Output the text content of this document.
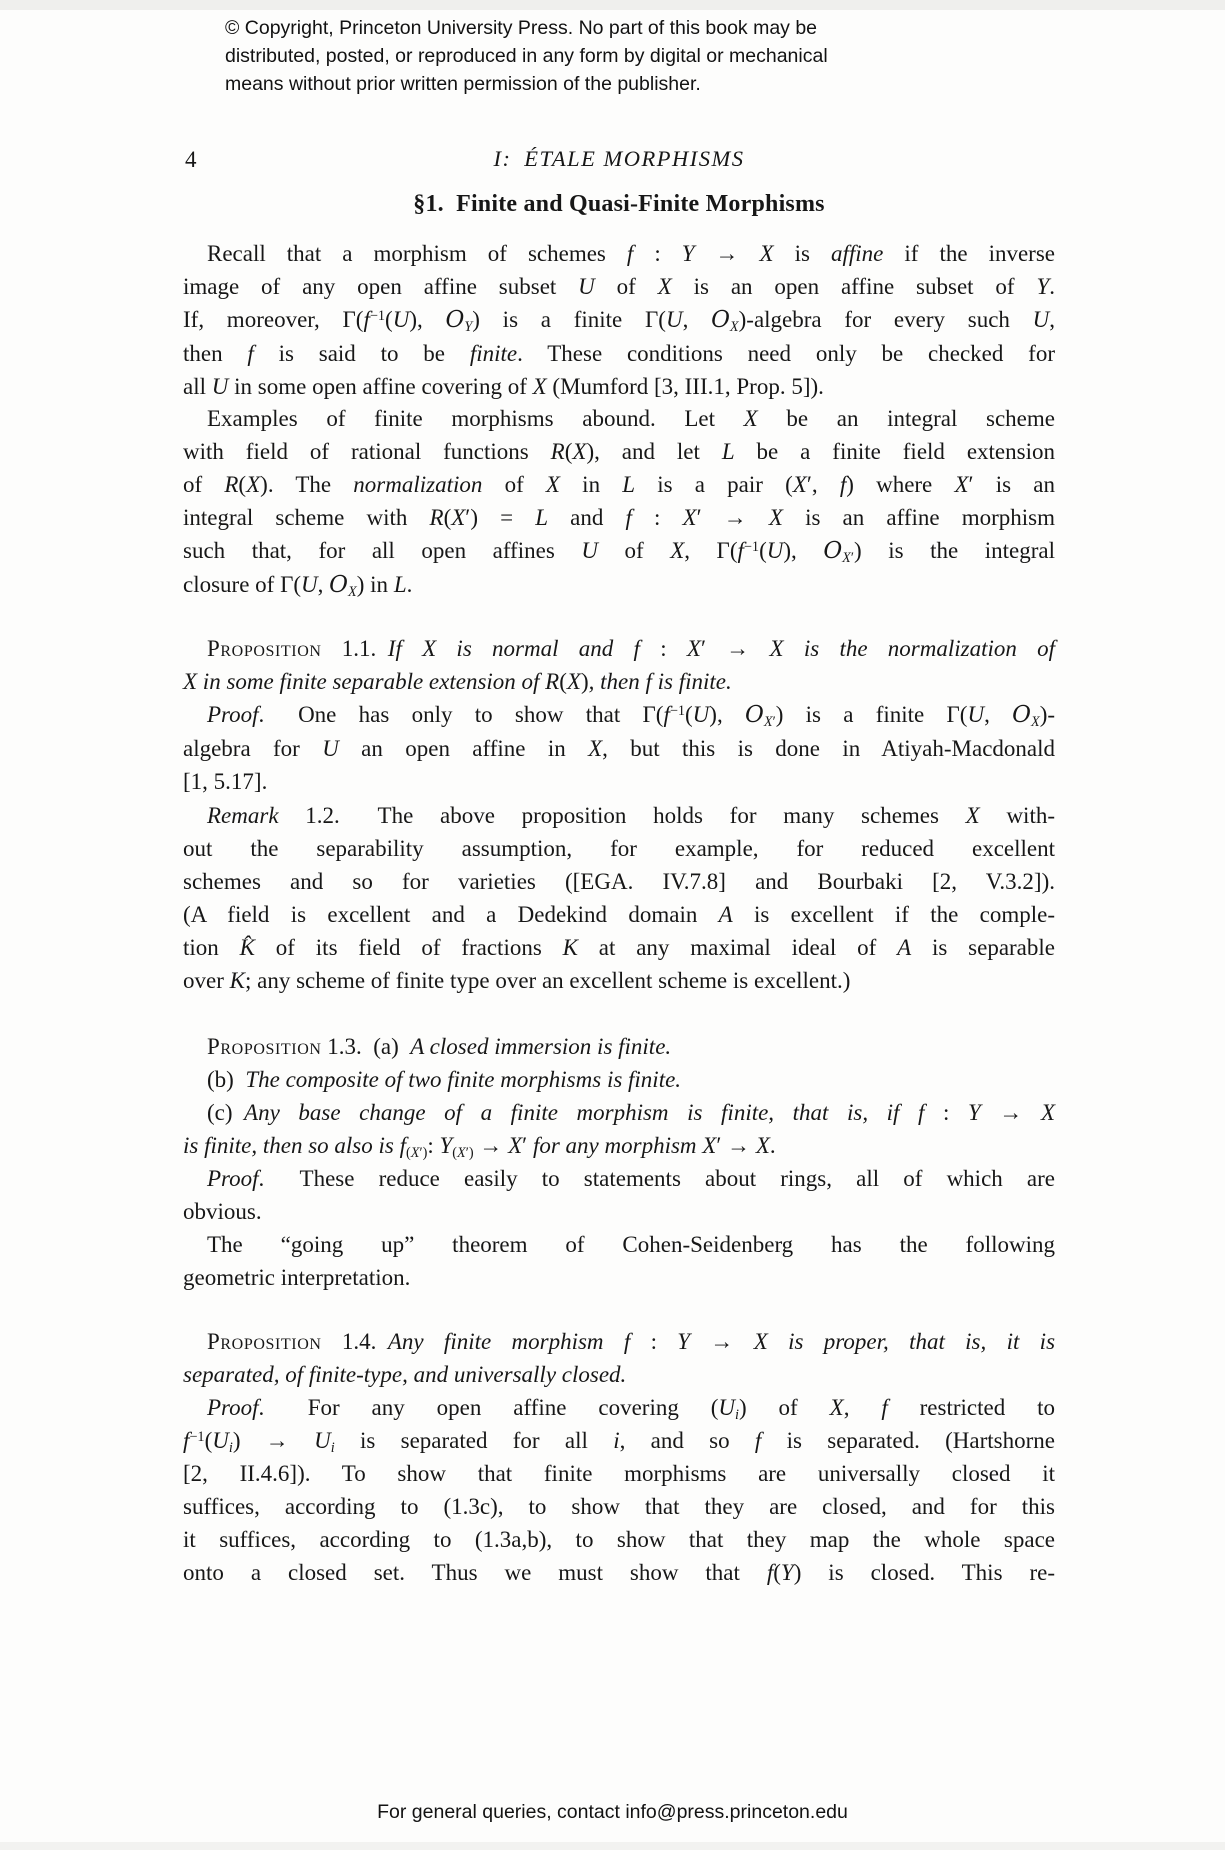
© Copyright, Princeton University Press. No part of this book may be
distributed, posted, or reproduced in any form by digital or mechanical
means without prior written permission of the publisher.
4	I: ÉTALE MORPHISMS
§1. Finite and Quasi-Finite Morphisms
Recall that a morphism of schemes f : Y → X is affine if the inverse
image of any open affine subset U of X is an open affine subset of Y.
If, moreover, $\Gamma(f^{-1}(U)$, $O_Y$) is a finite Γ(U, $O_X$)-algebra for every such U,
then f is said to be finite. These conditions need only be checked for
all U in some open affine covering of X (Mumford [3, III.1, Prop. 5]).
Examples of finite morphisms abound. Let X be an integral scheme
with field of rational functions R(X), and let L be a finite field extension
of R(X). The normalization of X in L is a pair (X′, f) where X′ is an
integral scheme with R(X′) = L and f : X′ → X is an affine morphism
such that, for all open affines U of X, $\Gamma(f^{-1}(U)$, $O_{X'}$) is the integral
closure of Γ(U, $O_X$) in L.
Proposition 1.1. If X is normal and f : X′ → X is the normalization of
X in some finite separable extension of R(X), then f is finite.
Proof.  One has only to show that $\Gamma(f^{-1}(U)$, $O_{X'}$) is a finite Γ(U, $O_X)-$
algebra for U an open affine in X, but this is done in Atiyah-Macdonald
[1, 5.17].
Remark 1.2.  The above proposition holds for many schemes X with-
out the separability assumption, for example, for reduced excellent
schemes and so for varieties ([EGA. IV.7.8] and Bourbaki [2, V.3.2]).
(A field is excellent and a Dedekind domain A is excellent if the comple-
tion K̂ of its field of fractions K at any maximal ideal of A is separable
over K; any scheme of finite type over an excellent scheme is excellent.)
Proposition 1.3. (a) A closed immersion is finite.
(b) The composite of two finite morphisms is finite.
(c) Any base change of a finite morphism is finite, that is, if f : Y → X
is finite, then so also is $f_{(X')}$: $Y_{(X')} \to X'$ for any morphism X′ → X.
Proof.  These reduce easily to statements about rings, all of which are
obvious.
The “going up” theorem of Cohen-Seidenberg has the following
geometric interpretation.
Proposition 1.4. Any finite morphism f : Y → X is proper, that is, it is
separated, of finite-type, and universally closed.
Proof.  For any open affine covering $(U_i)$ of X, f restricted to
$f^{-1}(U_i) \to U_i$ is separated for all i, and so f is separated. (Hartshorne
[2, II.4.6]). To show that finite morphisms are universally closed it
suffices, according to (1.3c), to show that they are closed, and for this
it suffices, according to (1.3a,b), to show that they map the whole space
onto a closed set. Thus we must show that f(Y) is closed. This re-
For general queries, contact info@press.princeton.edu
